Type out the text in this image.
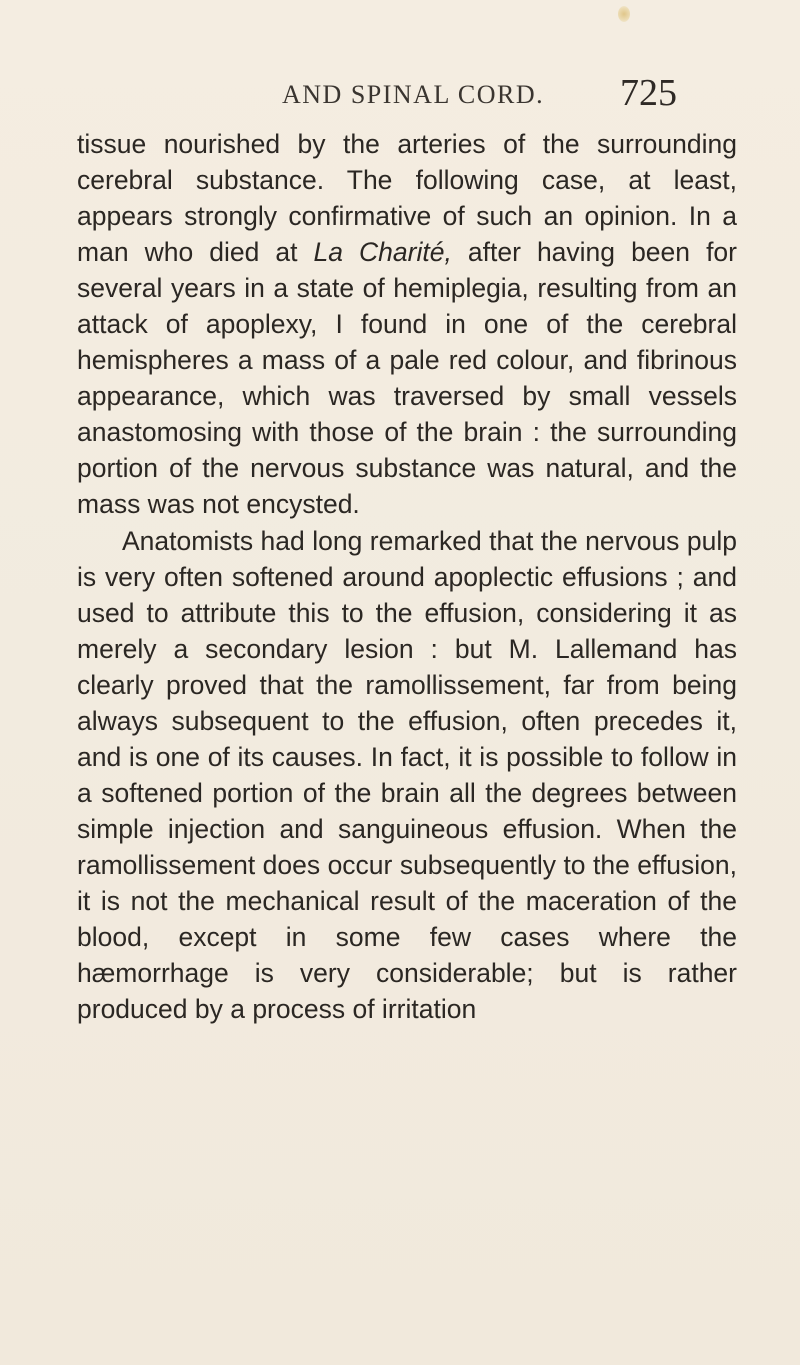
AND SPINAL CORD. 725

tissue nourished by the arteries of the surrounding cerebral substance. The following case, at least, appears strongly confirmative of such an opinion. In a man who died at La Charité, after having been for several years in a state of hemiplegia, resulting from an attack of apoplexy, I found in one of the cerebral hemispheres a mass of a pale red colour, and fibrinous appearance, which was traversed by small vessels anastomosing with those of the brain : the surrounding portion of the nervous substance was natural, and the mass was not encysted.

Anatomists had long remarked that the nervous pulp is very often softened around apoplectic effusions ; and used to attribute this to the effusion, considering it as merely a secondary lesion : but M. Lallemand has clearly proved that the ramollissement, far from being always subsequent to the effusion, often precedes it, and is one of its causes. In fact, it is possible to follow in a softened portion of the brain all the degrees between simple injection and sanguineous effusion. When the ramollissement does occur subsequently to the effusion, it is not the mechanical result of the maceration of the blood, except in some few cases where the hæmorrhage is very considerable; but is rather produced by a process of irritation
